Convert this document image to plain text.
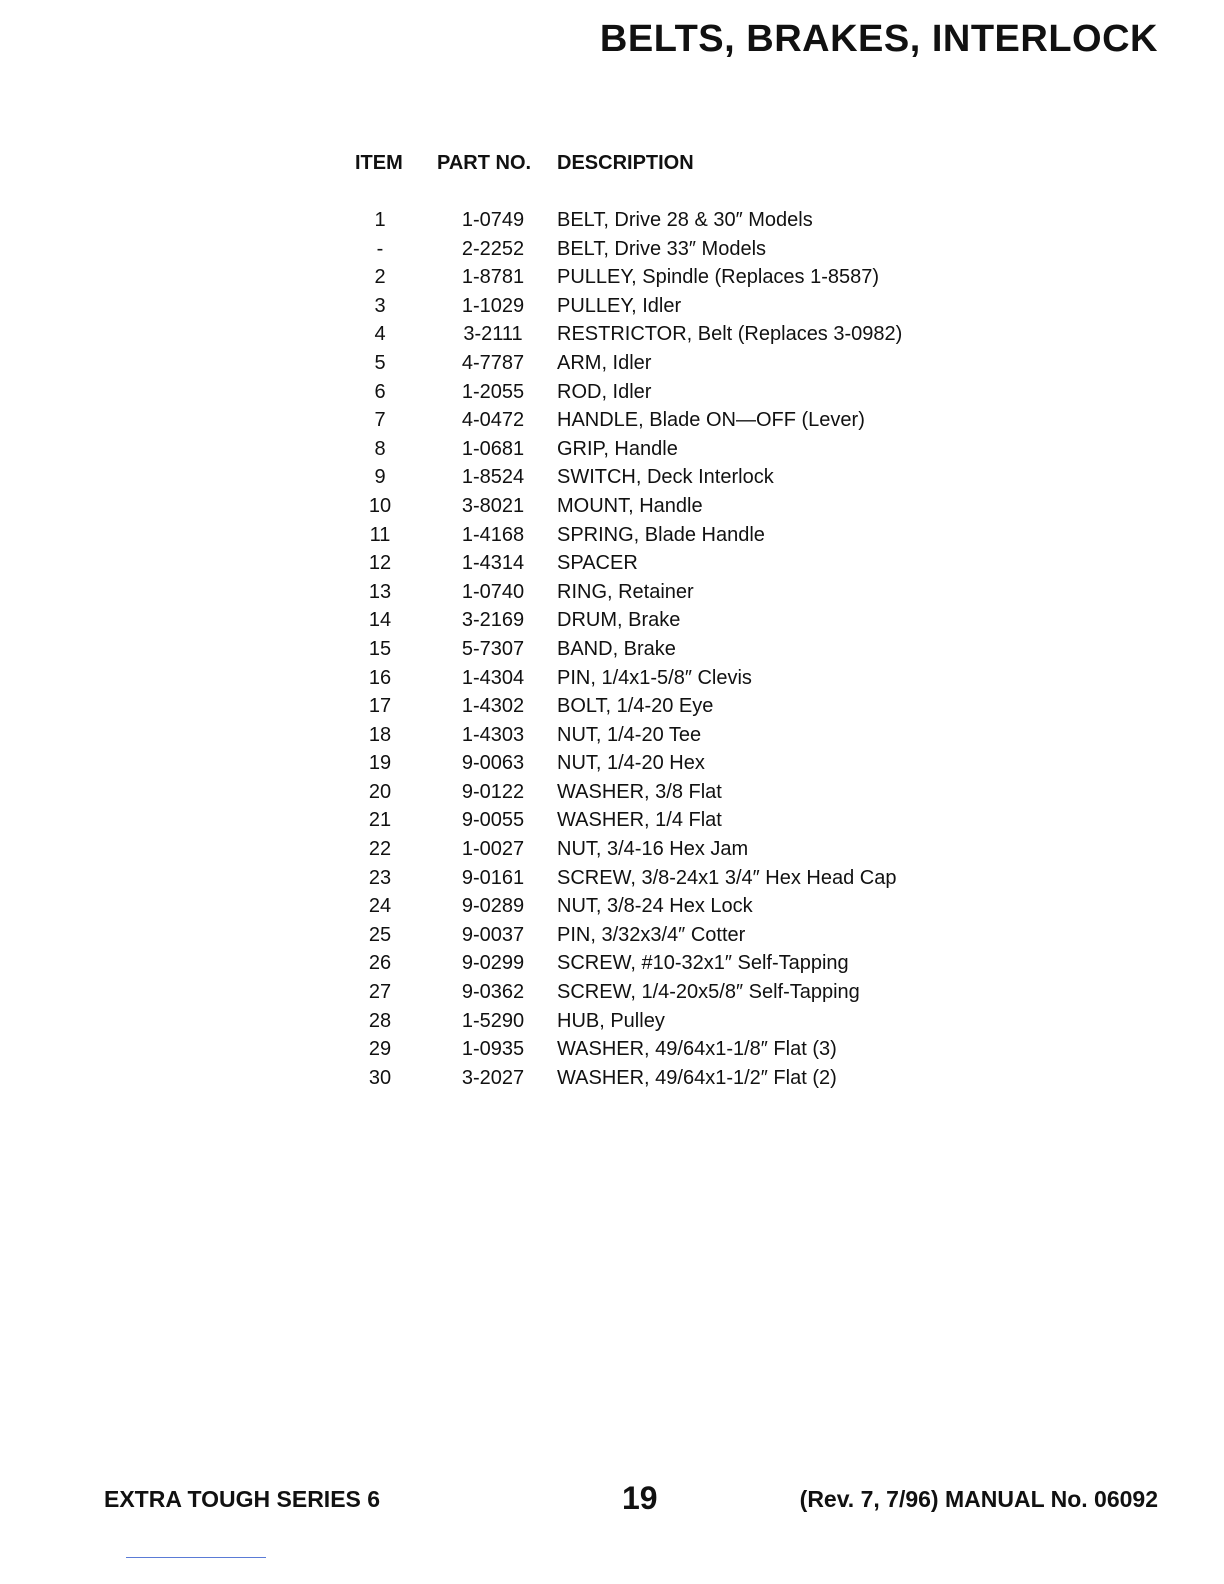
BELTS, BRAKES, INTERLOCK
ITEM PART NO. DESCRIPTION
1	1-0749	BELT, Drive 28 & 30″ Models
-	2-2252	BELT, Drive 33″ Models
2	1-8781	PULLEY, Spindle (Replaces 1-8587)
3	1-1029	PULLEY, Idler
4	3-2111	RESTRICTOR, Belt (Replaces 3-0982)
5	4-7787	ARM, Idler
6	1-2055	ROD, Idler
7	4-0472	HANDLE, Blade ON—OFF (Lever)
8	1-0681	GRIP, Handle
9	1-8524	SWITCH, Deck Interlock
10	3-8021	MOUNT, Handle
11	1-4168	SPRING, Blade Handle
12	1-4314	SPACER
13	1-0740	RING, Retainer
14	3-2169	DRUM, Brake
15	5-7307	BAND, Brake
16	1-4304	PIN, 1/4x1-5/8″ Clevis
17	1-4302	BOLT, 1/4-20 Eye
18	1-4303	NUT, 1/4-20 Tee
19	9-0063	NUT, 1/4-20 Hex
20	9-0122	WASHER, 3/8 Flat
21	9-0055	WASHER, 1/4 Flat
22	1-0027	NUT, 3/4-16 Hex Jam
23	9-0161	SCREW, 3/8-24x1 3/4″ Hex Head Cap
24	9-0289	NUT, 3/8-24 Hex Lock
25	9-0037	PIN, 3/32x3/4″ Cotter
26	9-0299	SCREW, #10-32x1″ Self-Tapping
27	9-0362	SCREW, 1/4-20x5/8″ Self-Tapping
28	1-5290	HUB, Pulley
29	1-0935	WASHER, 49/64x1-1/8″ Flat (3)
30	3-2027	WASHER, 49/64x1-1/2″ Flat (2)
EXTRA TOUGH SERIES 6	19	(Rev. 7, 7/96) MANUAL No. 06092
